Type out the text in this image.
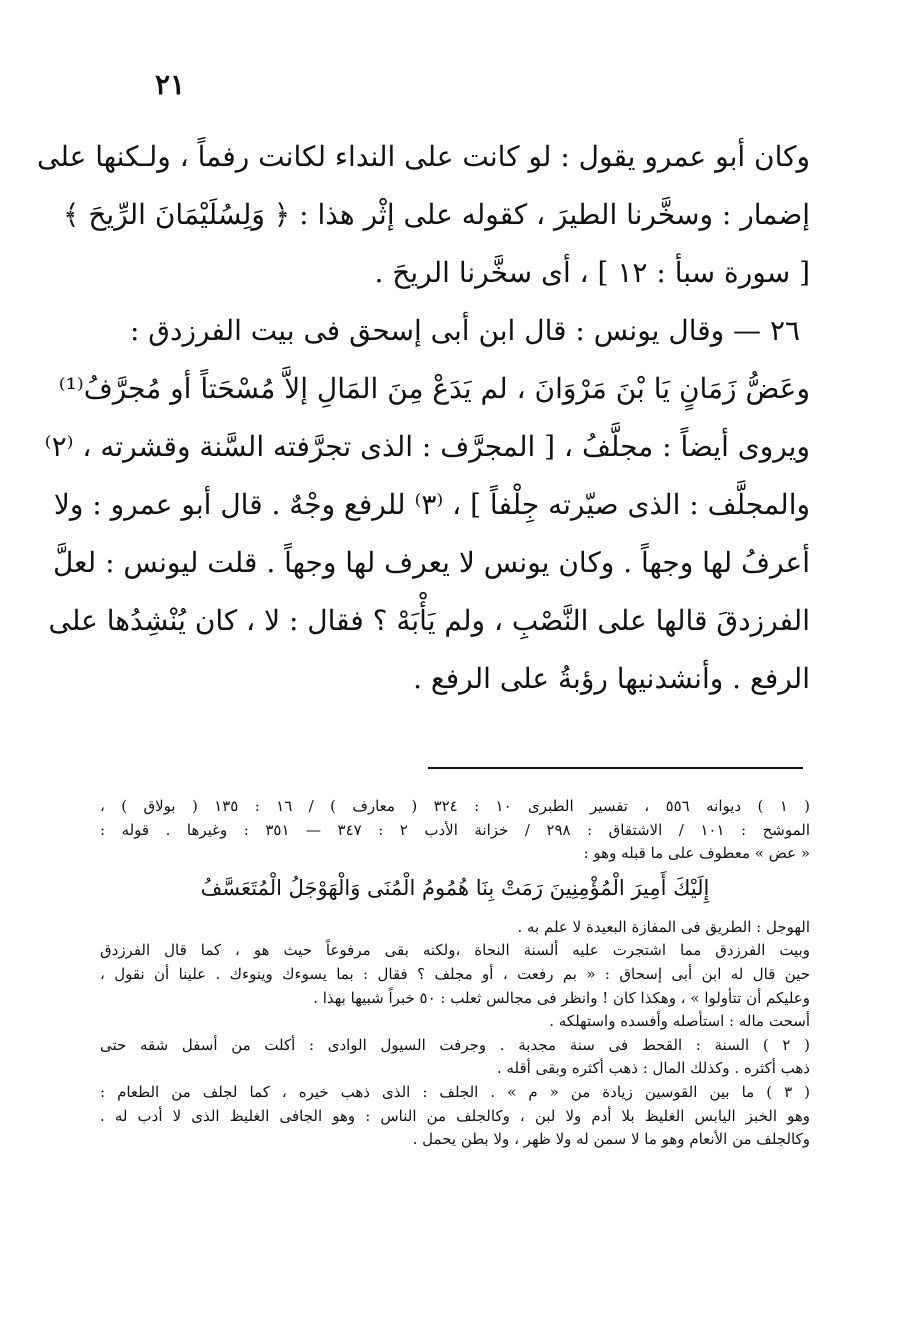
٢١
وكان أبو عمرو يقول : لو كانت على النداء لكانت رفماً ، ولـكنها على
إضمار : وسخَّرنا الطيرَ ، كقوله على إثْر هذا : ﴿ وَلِسُلَيْمَانَ الرِّيحَ ﴾
[ سورة سبأ : ١٢ ] ، أى سخَّرنا الريحَ .
٢٦ — وقال يونس : قال ابن أبى إسحق فى بيت الفرزدق :
وعَضُّ زَمَانٍ يَا بْنَ مَرْوَانَ ، لم يَدَعْ مِنَ المَالِ إلاَّ مُسْحَتاً أو مُجرَّفُ⁽¹⁾
ويروى أيضاً : مجلَّفُ ، [ المجرَّف : الذى تجرَّفته السَّنة وقشرته ، ⁽٢⁾
والمجلَّف : الذى صيّرته جِلْفاً ] ، ⁽٣⁾ للرفع وجْهٌ . قال أبو عمرو : ولا
أعرفُ لها وجهاً . وكان يونس لا يعرف لها وجهاً . قلت ليونس : لعلَّ
الفرزدقَ قالها على النَّصْبِ ، ولم يَأْبَهْ ؟ فقال : لا ، كان يُنْشِدُها على
الرفع . وأنشدنيها رؤبةُ على الرفع .
( ١ ) ديوانه ٥٥٦ ، تفسير الطبرى ١٠ : ٣٢٤ ( معارف ) / ١٦ : ١٣٥ ( بولاق ) ،
الموشح : ١٠١ / الاشتقاق : ٢٩٨ / خزانة الأدب ٢ : ٣٤٧ — ٣٥١ : وغيرها . قوله :
« عض » معطوف على ما قبله وهو :
إِلَيْكَ أَمِيرَ الْمُؤْمِنِينَ رَمَتْ بِنَا هُمُومُ الْمُنَى وَالْهَوْجَلُ الْمُتَعَسَّفُ
الهوجل : الطريق فى المفازة البعيدة لا علم به .
وبيت الفرزدق مما اشتجرت عليه ألسنة النحاة ،ولكنه بقى مرفوعاً حيث هو ، كما قال الفرزدق
حين قال له ابن أبى إسحاق : « بم رفعت ، أو مجلف ؟ فقال : بما يسوءك وينوءك . علينا أن نقول ،
وعليكم أن تتأولوا » ، وهكذا كان ! وانظر فى مجالس ثعلب : ٥٠ خبراً شبيها بهذا .
أسحت ماله : استأصله وأفسده واستهلكه .
( ٢ ) السنة : القحط فى سنة مجدبة . وجرفت السيول الوادى : أكلت من أسفل شقه حتى
ذهب أكثره . وكذلك المال : ذهب أكثره وبقى أقله .
( ٣ ) ما بين القوسين زيادة من « م » . الجلف : الذى ذهب خيره ، كما لجلف من الطعام :
وهو الخبز اليابس الغليظ بلا أدم ولا لبن ، وكالجلف من الناس : وهو الجافى الغليظ الذى لا أدب له .
وكالجلف من الأنعام وهو ما لا سمن له ولا ظهر ، ولا بطن يحمل .
